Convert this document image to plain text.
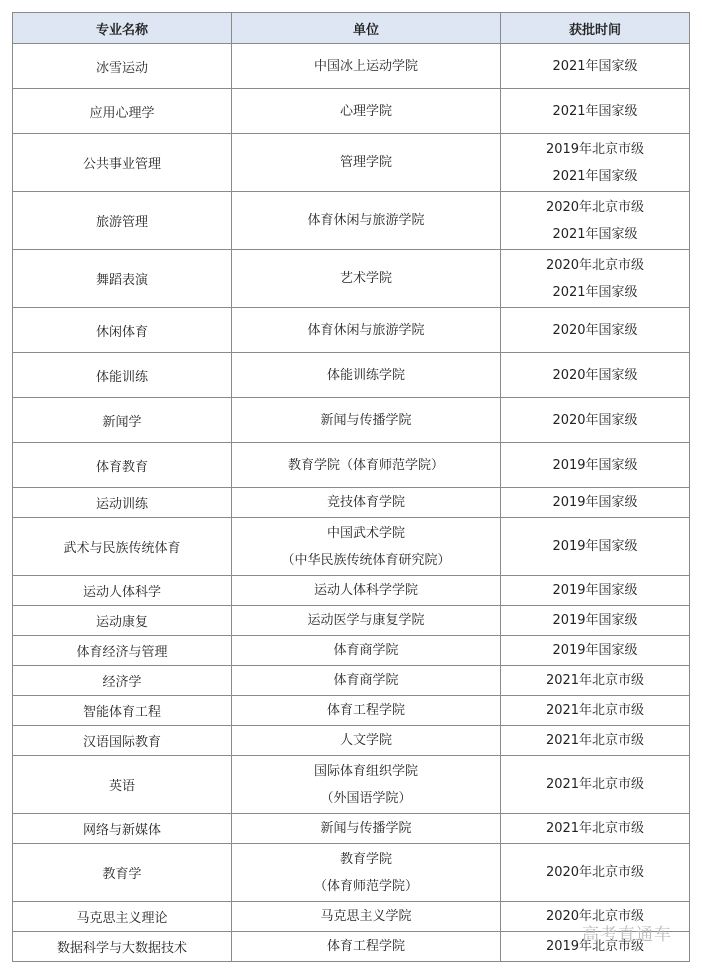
专业名称	单位	获批时间
冰雪运动	中国冰上运动学院	2021年国家级

应用心理学	心理学院	2021年国家级

公共事业管理	管理学院	2019年北京市级
2021年国家级

旅游管理	体育休闲与旅游学院	2020年北京市级
2021年国家级

舞蹈表演	艺术学院	2020年北京市级
2021年国家级

休闲体育	体育休闲与旅游学院	2020年国家级

体能训练	体能训练学院	2020年国家级

新闻学	新闻与传播学院	2020年国家级

体育教育	教育学院（体育师范学院）	2019年国家级

运动训练	竞技体育学院	2019年国家级

武术与民族传统体育	中国武术学院
（中华民族传统体育研究院）	2019年国家级

运动人体科学	运动人体科学学院	2019年国家级

运动康复	运动医学与康复学院	2019年国家级

体育经济与管理	体育商学院	2019年国家级

经济学	体育商学院	2021年北京市级

智能体育工程	体育工程学院	2021年北京市级

汉语国际教育	人文学院	2021年北京市级

英语	国际体育组织学院
（外国语学院）	2021年北京市级

网络与新媒体	新闻与传播学院	2021年北京市级

教育学	教育学院
（体育师范学院）	2020年北京市级

马克思主义理论	马克思主义学院	2020年北京市级

数据科学与大数据技术	体育工程学院	2019年北京市级
高考直通车
